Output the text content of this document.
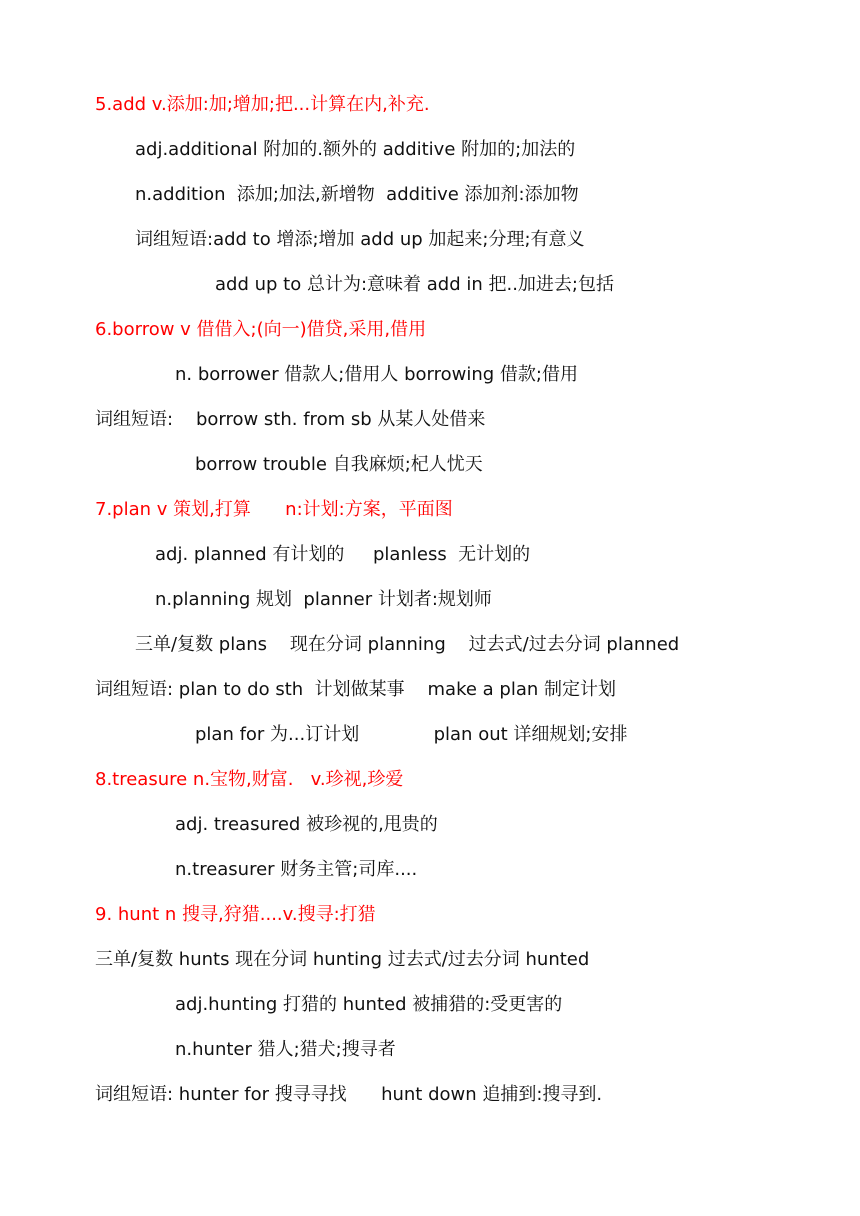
5.add v.添加:加;增加;把...计算在内,补充.
adj.additional 附加的.额外的 additive 附加的;加法的
n.addition  添加;加法,新增物  additive 添加剂:添加物
词组短语:add to 增添;增加 add up 加起来;分理;有意义
add up to 总计为:意味着 add in 把..加进去;包括
6.borrow v 借借入;(向一)借贷,采用,借用
n. borrower 借款人;借用人 borrowing 借款;借用
词组短语:    borrow sth. from sb 从某人处借来
borrow trouble 自我麻烦;杞人忧天
7.plan v 策划,打算      n:计划:方案，平面图
adj. planned 有计划的     planless  无计划的
n.planning 规划  planner 计划者:规划师
三单/复数 plans    现在分词 planning    过去式/过去分词 planned
词组短语: plan to do sth  计划做某事    make a plan 制定计划
plan for 为...订计划             plan out 详细规划;安排
8.treasure n.宝物,财富.   v.珍视,珍爱
adj. treasured 被珍视的,甩贵的
n.treasurer 财务主管;司库....
9. hunt n 搜寻,狩猎....v.搜寻:打猎
三单/复数 hunts 现在分词 hunting 过去式/过去分词 hunted
adj.hunting 打猎的 hunted 被捕猎的:受更害的
n.hunter 猎人;猎犬;搜寻者
词组短语: hunter for 搜寻寻找      hunt down 追捕到:搜寻到.
